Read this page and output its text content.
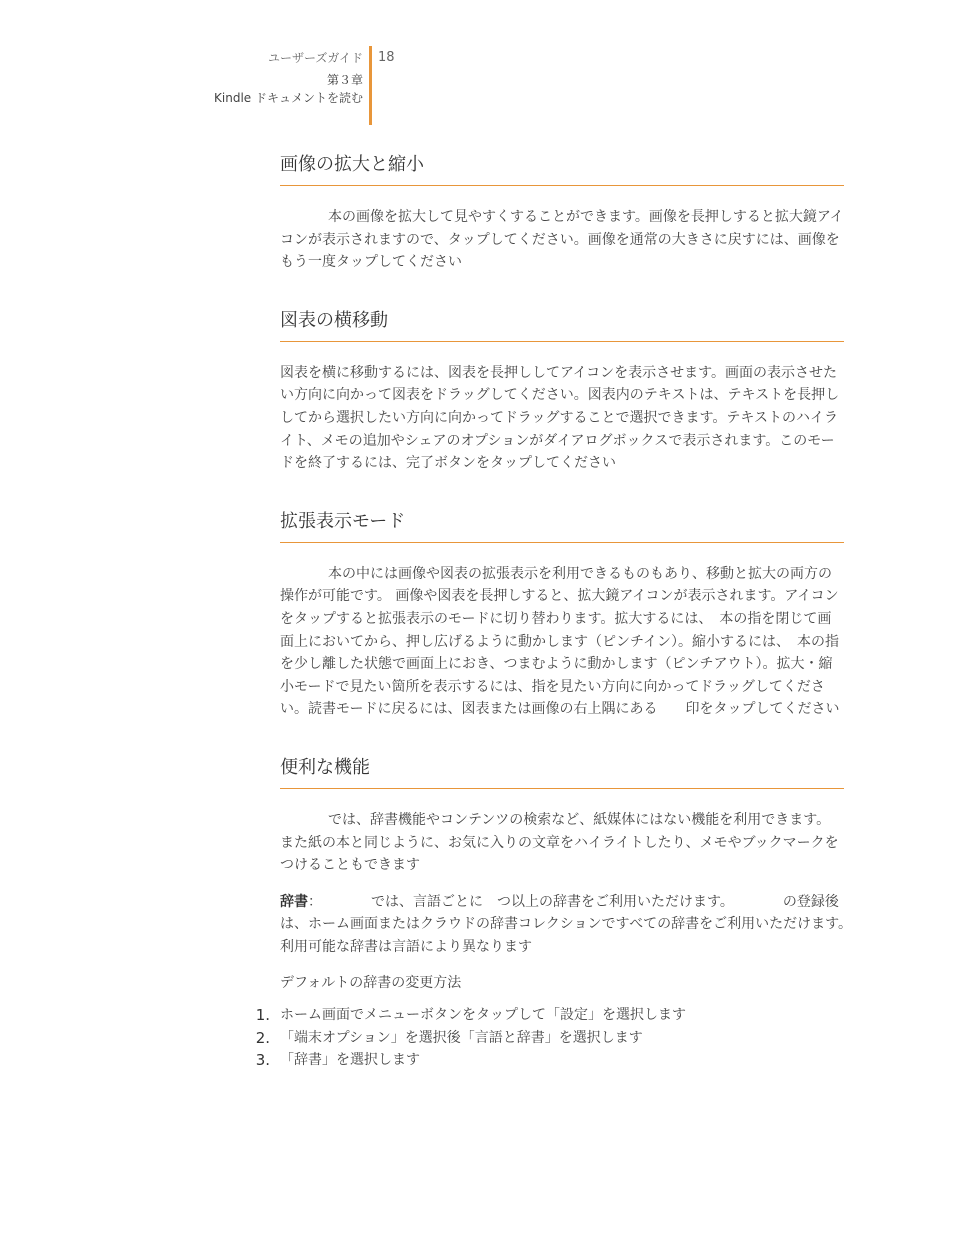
ユーザーズガイド
第３章
Kindle ドキュメントを読む
18
画像の拡大と縮小

本の画像を拡大して見やすくすることができます。画像を長押しすると拡大鏡アイコンが表示されますので、タップしてください。画像を通常の大きさに戻すには、画像をもう一度タップしてください

図表の横移動

図表を横に移動するには、図表を長押ししてアイコンを表示させます。画面の表示させたい方向に向かって図表をドラッグしてください。図表内のテキストは、テキストを長押ししてから選択したい方向に向かってドラッグすることで選択できます。テキストのハイライト、メモの追加やシェアのオプションがダイアログボックスで表示されます。このモードを終了するには、完了ボタンをタップしてください

拡張表示モード

本の中には画像や図表の拡張表示を利用できるものもあり、移動と拡大の両方の操作が可能です。 画像や図表を長押しすると、拡大鏡アイコンが表示されます。アイコンをタップすると拡張表示のモードに切り替わります。拡大するには、　本の指を閉じて画面上においてから、押し広げるように動かします（ピンチイン）。縮小するには、　本の指を少し離した状態で画面上におき、つまむように動かします（ピンチアウト）。拡大・縮小モードで見たい箇所を表示するには、指を見たい方向に向かってドラッグしてください。読書モードに戻るには、図表または画像の右上隅にある　　印をタップしてください

便利な機能

では、辞書機能やコンテンツの検索など、紙媒体にはない機能を利用できます。また紙の本と同じように、お気に入りの文章をハイライトしたり、メモやブックマークをつけることもできます

辞書：　　　　では、言語ごとに　つ以上の辞書をご利用いただけます。　　　　の登録後は、ホーム画面またはクラウドの辞書コレクションですべての辞書をご利用いただけます。利用可能な辞書は言語により異なります

デフォルトの辞書の変更方法

1. ホーム画面でメニューボタンをタップして「設定」を選択します
2. 「端末オプション」を選択後「言語と辞書」を選択します
3. 「辞書」を選択します
